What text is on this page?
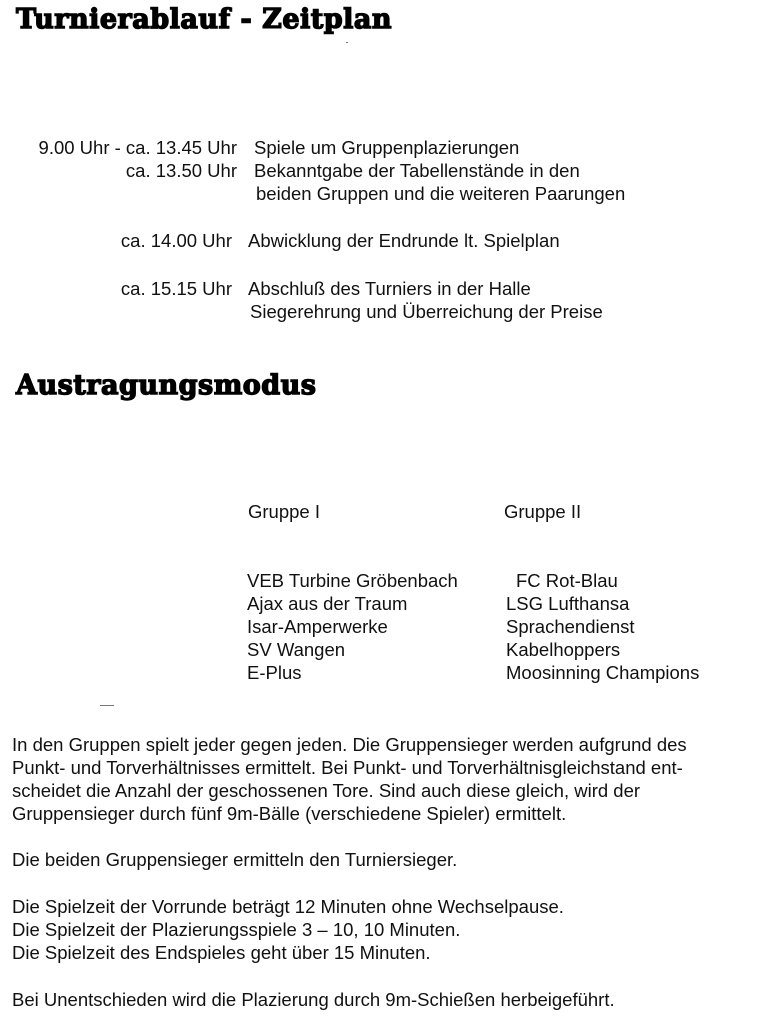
Turnierablauf - Zeitplan
9.00 Uhr - ca. 13.45 Uhr Spiele um Gruppenplazierungen
ca. 13.50 Uhr Bekanntgabe der Tabellenstände in den
beiden Gruppen und die weiteren Paarungen
ca. 14.00 Uhr Abwicklung der Endrunde lt. Spielplan
ca. 15.15 Uhr Abschluß des Turniers in der Halle
Siegerehrung und Überreichung der Preise
Austragungsmodus
Gruppe I
VEB Turbine Gröbenbach
Ajax aus der Traum
Isar-Amperwerke
SV Wangen
E-Plus
Gruppe II
FC Rot-Blau
LSG Lufthansa
Sprachendienst
Kabelhoppers
Moosinning Champions
In den Gruppen spielt jeder gegen jeden. Die Gruppensieger werden aufgrund des
Punkt- und Torverhältnisses ermittelt. Bei Punkt- und Torverhältnisgleichstand ent-
scheidet die Anzahl der geschossenen Tore. Sind auch diese gleich, wird der
Gruppensieger durch fünf 9m-Bälle (verschiedene Spieler) ermittelt.
Die beiden Gruppensieger ermitteln den Turniersieger.
Die Spielzeit der Vorrunde beträgt 12 Minuten ohne Wechselpause.
Die Spielzeit der Plazierungsspiele 3 – 10, 10 Minuten.
Die Spielzeit des Endspieles geht über 15 Minuten.
Bei Unentschieden wird die Plazierung durch 9m-Schießen herbeigeführt.
